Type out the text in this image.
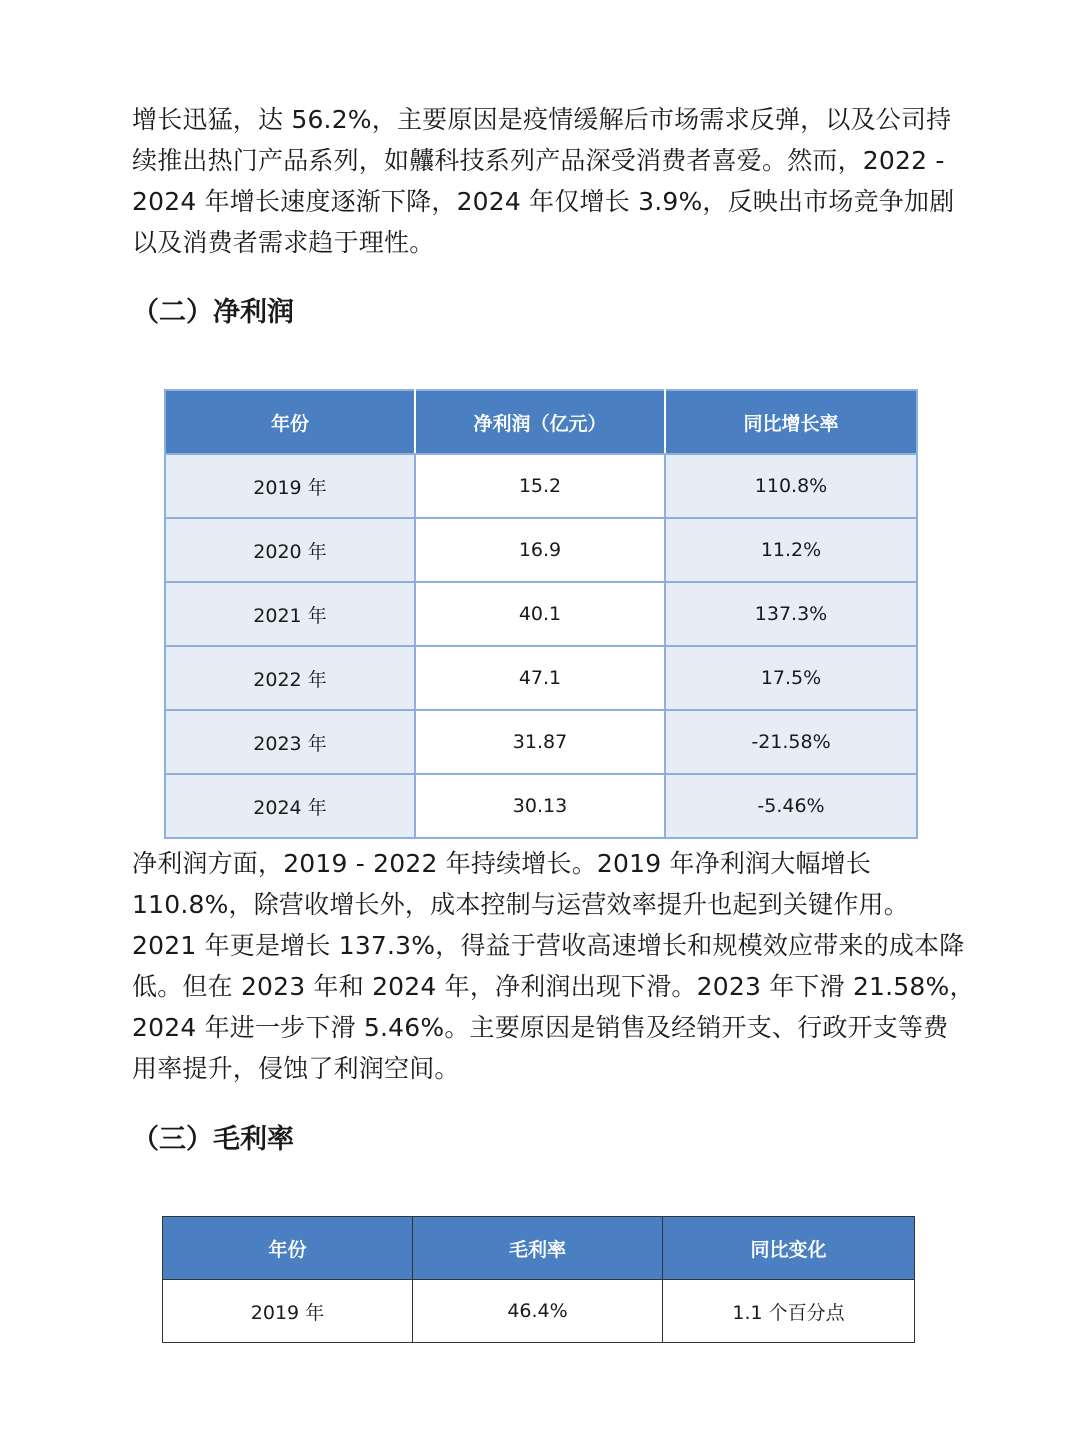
增长迅猛，达 56.2%，主要原因是疫情缓解后市场需求反弹，以及公司持
续推出热门产品系列，如齉科技系列产品深受消费者喜爱。然而，2022 -
2024 年增长速度逐渐下降，2024 年仅增长 3.9%，反映出市场竞争加剧
以及消费者需求趋于理性。

（二）净利润
年份	净利润（亿元）	同比增长率
2019 年	15.2	110.8%
2020 年	16.9	11.2%
2021 年	40.1	137.3%
2022 年	47.1	17.5%
2023 年	31.87	-21.58%
2024 年	30.13	-5.46%

净利润方面，2019 - 2022 年持续增长。2019 年净利润大幅增长
110.8%，除营收增长外，成本控制与运营效率提升也起到关键作用。
2021 年更是增长 137.3%，得益于营收高速增长和规模效应带来的成本降
低。但在 2023 年和 2024 年，净利润出现下滑。2023 年下滑 21.58%，
2024 年进一步下滑 5.46%。主要原因是销售及经销开支、行政开支等费
用率提升，侵蚀了利润空间。

（三）毛利率
年份	毛利率	同比变化
2019 年	46.4%	1.1 个百分点
